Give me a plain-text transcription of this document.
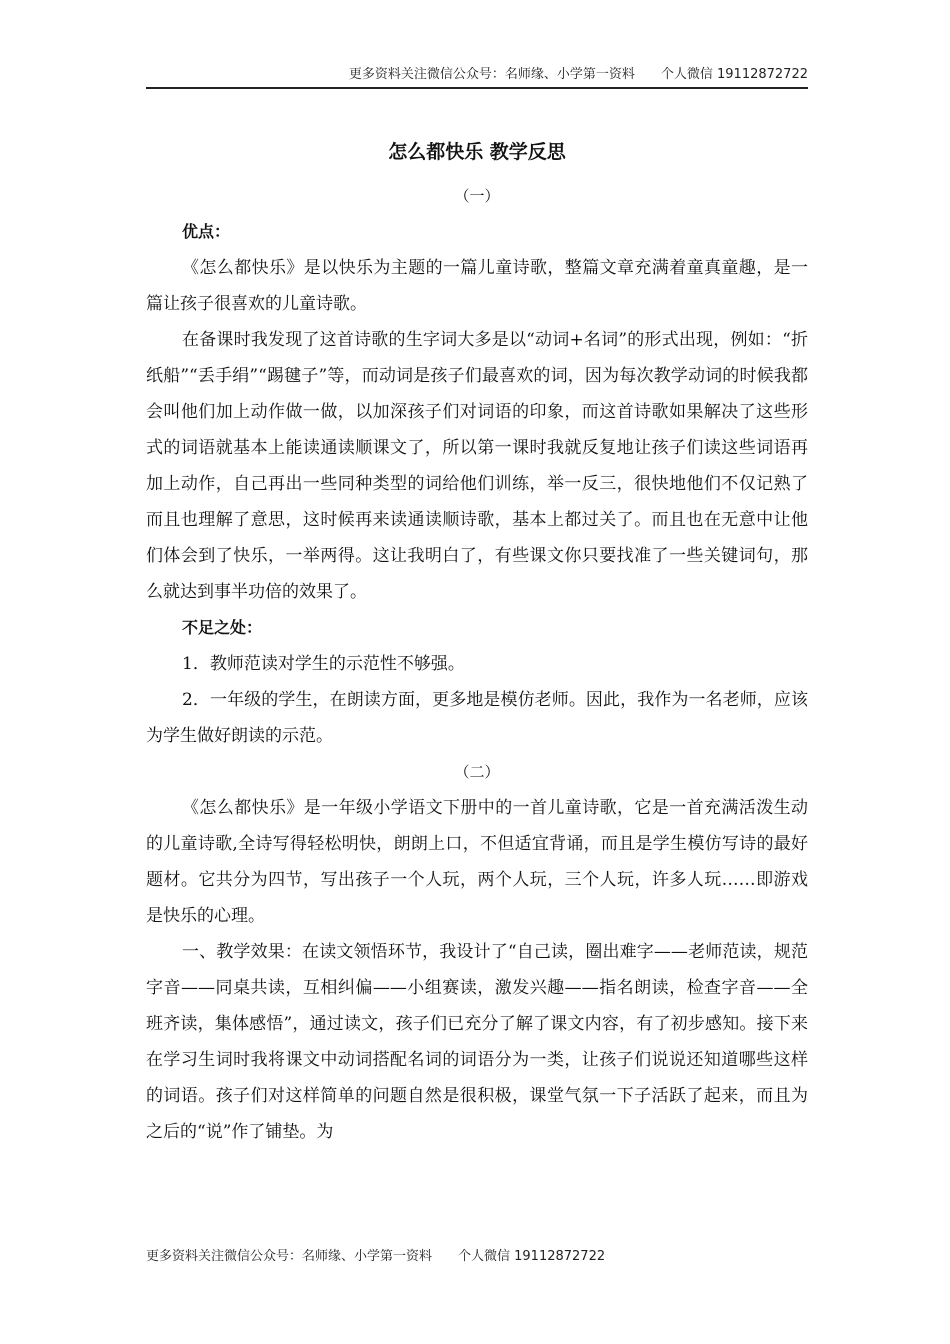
更多资料关注微信公众号：名师缘、小学第一资料　　个人微信 19112872722
怎么都快乐 教学反思

（一）

优点：

《怎么都快乐》是以快乐为主题的一篇儿童诗歌，整篇文章充满着童真童趣，是一篇让孩子很喜欢的儿童诗歌。

在备课时我发现了这首诗歌的生字词大多是以“动词+名词”的形式出现，例如：“折纸船”“丢手绢”“踢毽子”等，而动词是孩子们最喜欢的词，因为每次教学动词的时候我都会叫他们加上动作做一做，以加深孩子们对词语的印象，而这首诗歌如果解决了这些形式的词语就基本上能读通读顺课文了，所以第一课时我就反复地让孩子们读这些词语再加上动作，自己再出一些同种类型的词给他们训练，举一反三，很快地他们不仅记熟了而且也理解了意思，这时候再来读通读顺诗歌，基本上都过关了。而且也在无意中让他们体会到了快乐，一举两得。这让我明白了，有些课文你只要找准了一些关键词句，那么就达到事半功倍的效果了。

不足之处：

1．教师范读对学生的示范性不够强。

2．一年级的学生，在朗读方面，更多地是模仿老师。因此，我作为一名老师，应该为学生做好朗读的示范。

（二）

《怎么都快乐》是一年级小学语文下册中的一首儿童诗歌，它是一首充满活泼生动的儿童诗歌,全诗写得轻松明快，朗朗上口，不但适宜背诵，而且是学生模仿写诗的最好题材。它共分为四节，写出孩子一个人玩，两个人玩，三个人玩，许多人玩……即游戏是快乐的心理。

一、教学效果：在读文领悟环节，我设计了“自己读，圈出难字——老师范读，规范字音——同桌共读，互相纠偏——小组赛读，激发兴趣——指名朗读，检查字音——全班齐读，集体感悟”，通过读文，孩子们已充分了解了课文内容，有了初步感知。接下来在学习生词时我将课文中动词搭配名词的词语分为一类，让孩子们说说还知道哪些这样的词语。孩子们对这样简单的问题自然是很积极，课堂气氛一下子活跃了起来，而且为之后的“说”作了铺垫。为

更多资料关注微信公众号：名师缘、小学第一资料　　个人微信 19112872722
